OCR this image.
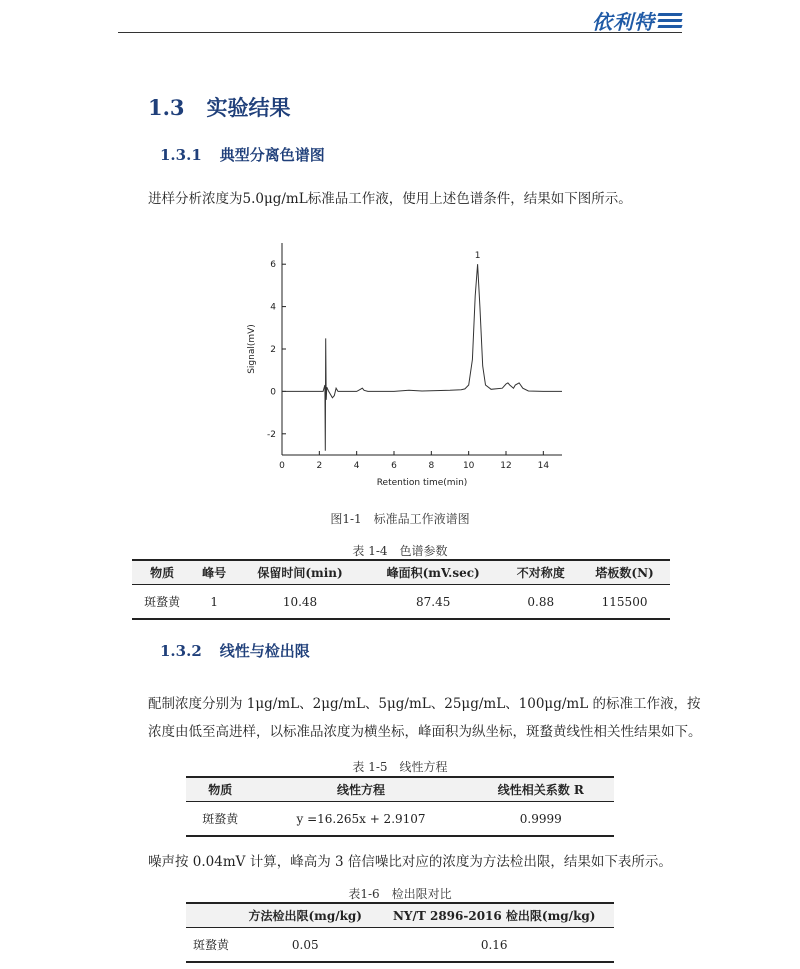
依利特
1.3 实验结果
1.3.1 典型分离色谱图
进样分析浓度为5.0μg/mL标准品工作液，使用上述色谱条件，结果如下图所示。
0	2	4	6	8	10	12	14
-2
0
2
4
6
Retention time(min)
Signal(mV)
1
图1-1　标准品工作液谱图
表 1-4　色谱参数
物质	峰号	保留时间(min)	峰面积(mV.sec)	不对称度	塔板数(N)
斑蝥黄	1	10.48	87.45	0.88	115500
1.3.2 线性与检出限
配制浓度分别为 1μg/mL、2μg/mL、5μg/mL、25μg/mL、100μg/mL 的标准工作液，按
浓度由低至高进样，以标准品浓度为横坐标，峰面积为纵坐标，斑蝥黄线性相关性结果如下。
表 1-5　线性方程
物质	线性方程	线性相关系数 R
斑蝥黄	y =16.265x + 2.9107	0.9999
噪声按 0.04mV 计算，峰高为 3 倍信噪比对应的浓度为方法检出限，结果如下表所示。
表1-6　检出限对比
	方法检出限(mg/kg)	NY/T 2896-2016 检出限(mg/kg)
斑蝥黄	0.05	0.16
